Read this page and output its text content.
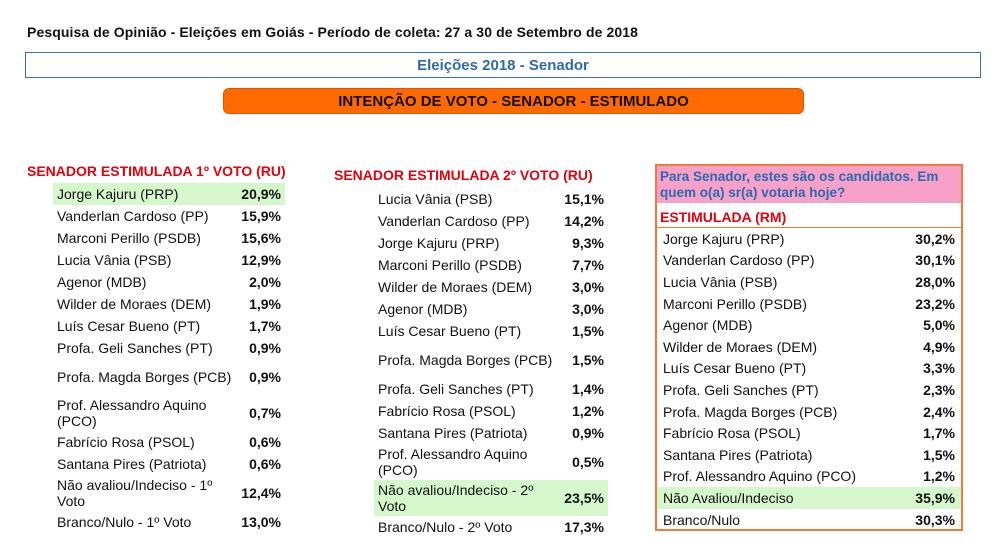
Pesquisa de Opinião - Eleições em Goiás - Período de coleta: 27 a 30 de Setembro de 2018
Eleições 2018 - Senador
INTENÇÃO DE VOTO - SENADOR - ESTIMULADO
SENADOR ESTIMULADA 1º VOTO (RU)
Jorge Kajuru (PRP)	20,9%
Vanderlan Cardoso (PP)	15,9%
Marconi Perillo (PSDB)	15,6%
Lucia Vânia (PSB)	12,9%
Agenor (MDB)	2,0%
Wilder de Moraes (DEM)	1,9%
Luís Cesar Bueno (PT)	1,7%
Profa. Geli Sanches (PT)	0,9%
Profa. Magda Borges (PCB)	0,9%
Prof. Alessandro Aquino (PCO)	0,7%
Fabrício Rosa (PSOL)	0,6%
Santana Pires (Patriota)	0,6%
Não avaliou/Indeciso - 1º Voto	12,4%
Branco/Nulo - 1º Voto	13,0%
SENADOR ESTIMULADA 2º VOTO (RU)
Lucia Vânia (PSB)	15,1%
Vanderlan Cardoso (PP)	14,2%
Jorge Kajuru (PRP)	9,3%
Marconi Perillo (PSDB)	7,7%
Wilder de Moraes (DEM)	3,0%
Agenor (MDB)	3,0%
Luís Cesar Bueno (PT)	1,5%
Profa. Magda Borges (PCB)	1,5%
Profa. Geli Sanches (PT)	1,4%
Fabrício Rosa (PSOL)	1,2%
Santana Pires (Patriota)	0,9%
Prof. Alessandro Aquino (PCO)	0,5%
Não avaliou/Indeciso - 2º Voto	23,5%
Branco/Nulo - 2º Voto	17,3%
Para Senador, estes são os candidatos. Em quem o(a) sr(a) votaria hoje?
ESTIMULADA (RM)
Jorge Kajuru (PRP)	30,2%
Vanderlan Cardoso (PP)	30,1%
Lucia Vânia (PSB)	28,0%
Marconi Perillo (PSDB)	23,2%
Agenor (MDB)	5,0%
Wilder de Moraes (DEM)	4,9%
Luís Cesar Bueno (PT)	3,3%
Profa. Geli Sanches (PT)	2,3%
Profa. Magda Borges (PCB)	2,4%
Fabrício Rosa (PSOL)	1,7%
Santana Pires (Patriota)	1,5%
Prof. Alessandro Aquino (PCO)	1,2%
Não Avaliou/Indeciso	35,9%
Branco/Nulo	30,3%
